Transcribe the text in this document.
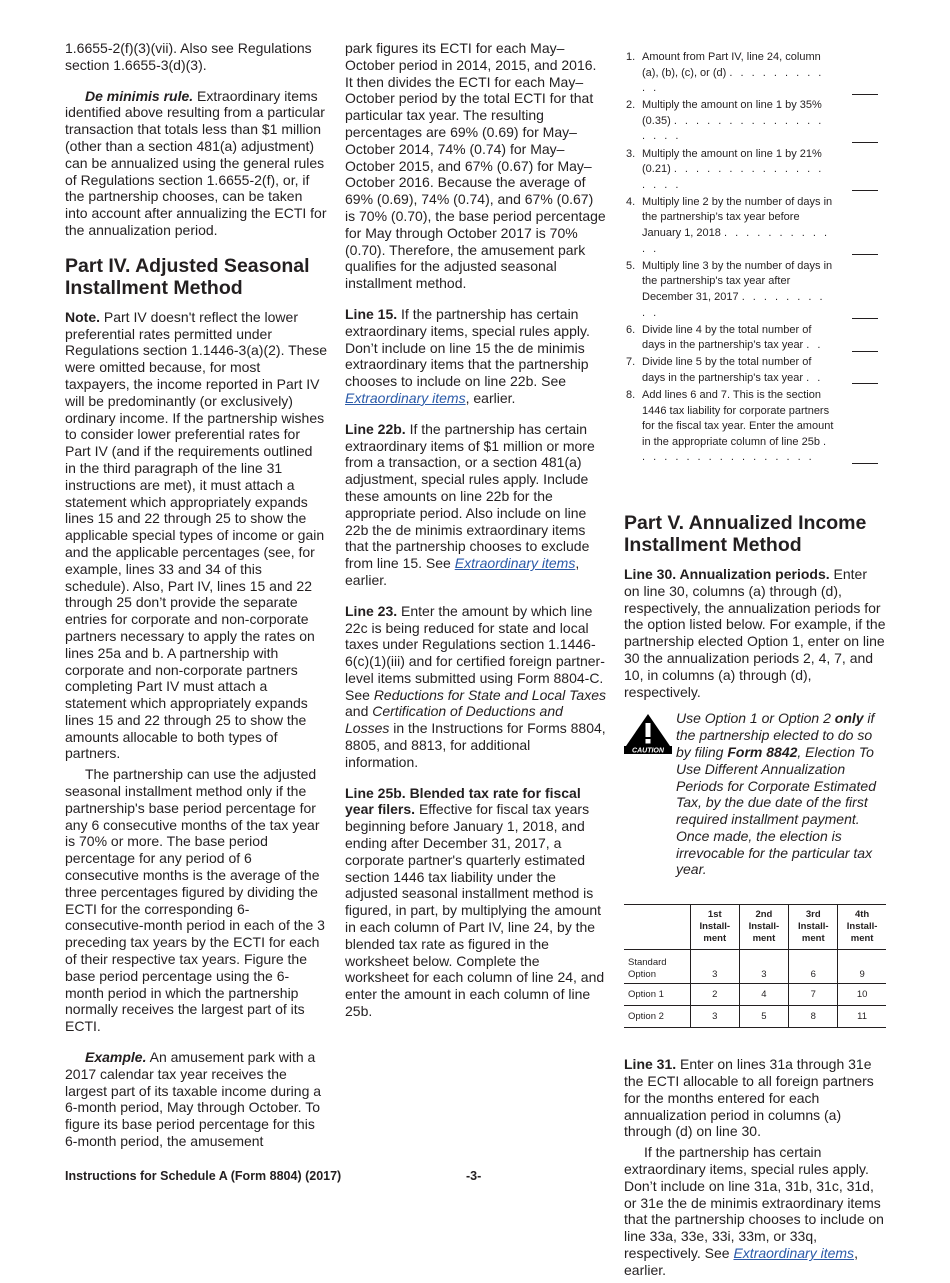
1.6655-2(f)(3)(vii). Also see Regulations section 1.6655-3(d)(3).

De minimis rule. Extraordinary items identified above resulting from a particular transaction that totals less than $1 million (other than a section 481(a) adjustment) can be annualized using the general rules of Regulations section 1.6655-2(f), or, if the partnership chooses, can be taken into account after annualizing the ECTI for the annualization period.

Part IV. Adjusted Seasonal Installment Method

Note. Part IV doesn't reflect the lower preferential rates permitted under Regulations section 1.1446-3(a)(2). These were omitted because, for most taxpayers, the income reported in Part IV will be predominantly (or exclusively) ordinary income. If the partnership wishes to consider lower preferential rates for Part IV (and if the requirements outlined in the third paragraph of the line 31 instructions are met), it must attach a statement which appropriately expands lines 15 and 22 through 25 to show the applicable special types of income or gain and the applicable percentages (see, for example, lines 33 and 34 of this schedule). Also, Part IV, lines 15 and 22 through 25 don’t provide the separate entries for corporate and non-corporate partners necessary to apply the rates on lines 25a and b. A partnership with corporate and non-corporate partners completing Part IV must attach a statement which appropriately expands lines 15 and 22 through 25 to show the amounts allocable to both types of partners.

The partnership can use the adjusted seasonal installment method only if the partnership's base period percentage for any 6 consecutive months of the tax year is 70% or more. The base period percentage for any period of 6 consecutive months is the average of the three percentages figured by dividing the ECTI for the corresponding 6-consecutive-month period in each of the 3 preceding tax years by the ECTI for each of their respective tax years. Figure the base period percentage using the 6-month period in which the partnership normally receives the largest part of its ECTI.

Example. An amusement park with a 2017 calendar tax year receives the largest part of its taxable income during a 6-month period, May through October. To figure its base period percentage for this 6-month period, the amusement

park figures its ECTI for each May–October period in 2014, 2015, and 2016. It then divides the ECTI for each May–October period by the total ECTI for that particular tax year. The resulting percentages are 69% (0.69) for May–October 2014, 74% (0.74) for May–October 2015, and 67% (0.67) for May–October 2016. Because the average of 69% (0.69), 74% (0.74), and 67% (0.67) is 70% (0.70), the base period percentage for May through October 2017 is 70% (0.70). Therefore, the amusement park qualifies for the adjusted seasonal installment method.

Line 15. If the partnership has certain extraordinary items, special rules apply. Don’t include on line 15 the de minimis extraordinary items that the partnership chooses to include on line 22b. See Extraordinary items, earlier.

Line 22b. If the partnership has certain extraordinary items of $1 million or more from a transaction, or a section 481(a) adjustment, special rules apply. Include these amounts on line 22b for the appropriate period. Also include on line 22b the de minimis extraordinary items that the partnership chooses to exclude from line 15. See Extraordinary items, earlier.

Line 23. Enter the amount by which line 22c is being reduced for state and local taxes under Regulations section 1.1446-6(c)(1)(iii) and for certified foreign partner-level items submitted using Form 8804-C. See Reductions for State and Local Taxes and Certification of Deductions and Losses in the Instructions for Forms 8804, 8805, and 8813, for additional information.

Line 25b. Blended tax rate for fiscal year filers. Effective for fiscal tax years beginning before January 1, 2018, and ending after December 31, 2017, a corporate partner's quarterly estimated section 1446 tax liability under the adjusted seasonal installment method is figured, in part, by multiplying the amount in each column of Part IV, line 24, by the blended tax rate as figured in the worksheet below. Complete the worksheet for each column of line 24, and enter the amount in each column of line 25b.

1. Amount from Part IV, line 24, column (a), (b), (c), or (d) . . . . . . . . . . .
2. Multiply the amount on line 1 by 35% (0.35) . . . . . . . . . . . . . . . . . .
3. Multiply the amount on line 1 by 21% (0.21) . . . . . . . . . . . . . . . . . .
4. Multiply line 2 by the number of days in the partnership’s tax year before January 1, 2018 . . . . . . . . . . . .
5. Multiply line 3 by the number of days in the partnership's tax year after December 31, 2017 . . . . . . . . . .
6. Divide line 4 by the total number of days in the partnership’s tax year . .
7. Divide line 5 by the total number of days in the partnership's tax year . .
8. Add lines 6 and 7. This is the section 1446 tax liability for corporate partners for the fiscal tax year. Enter the amount in the appropriate column of line 25b . . . . . . . . . . . . . . . . .
Part V. Annualized Income Installment Method

Line 30. Annualization periods. Enter on line 30, columns (a) through (d), respectively, the annualization periods for the option listed below. For example, if the partnership elected Option 1, enter on line 30 the annualization periods 2, 4, 7, and 10, in columns (a) through (d), respectively.

CAUTION
Use Option 1 or Option 2 only if the partnership elected to do so by filing Form 8842, Election To Use Different Annualization Periods for Corporate Estimated Tax, by the due date of the first required installment payment. Once made, the election is irrevocable for the particular tax year.

	1st Install-ment	2nd Install-ment	3rd Install-ment	4th Install-ment
Standard Option	3	3	6	9
Option 1	2	4	7	10
Option 2	3	5	8	11

Line 31. Enter on lines 31a through 31e the ECTI allocable to all foreign partners for the months entered for each annualization period in columns (a) through (d) on line 30.

If the partnership has certain extraordinary items, special rules apply. Don’t include on line 31a, 31b, 31c, 31d, or 31e the de minimis extraordinary items that the partnership chooses to include on line 33a, 33e, 33i, 33m, or 33q, respectively. See Extraordinary items, earlier.

Instructions for Schedule A (Form 8804) (2017)	-3-
